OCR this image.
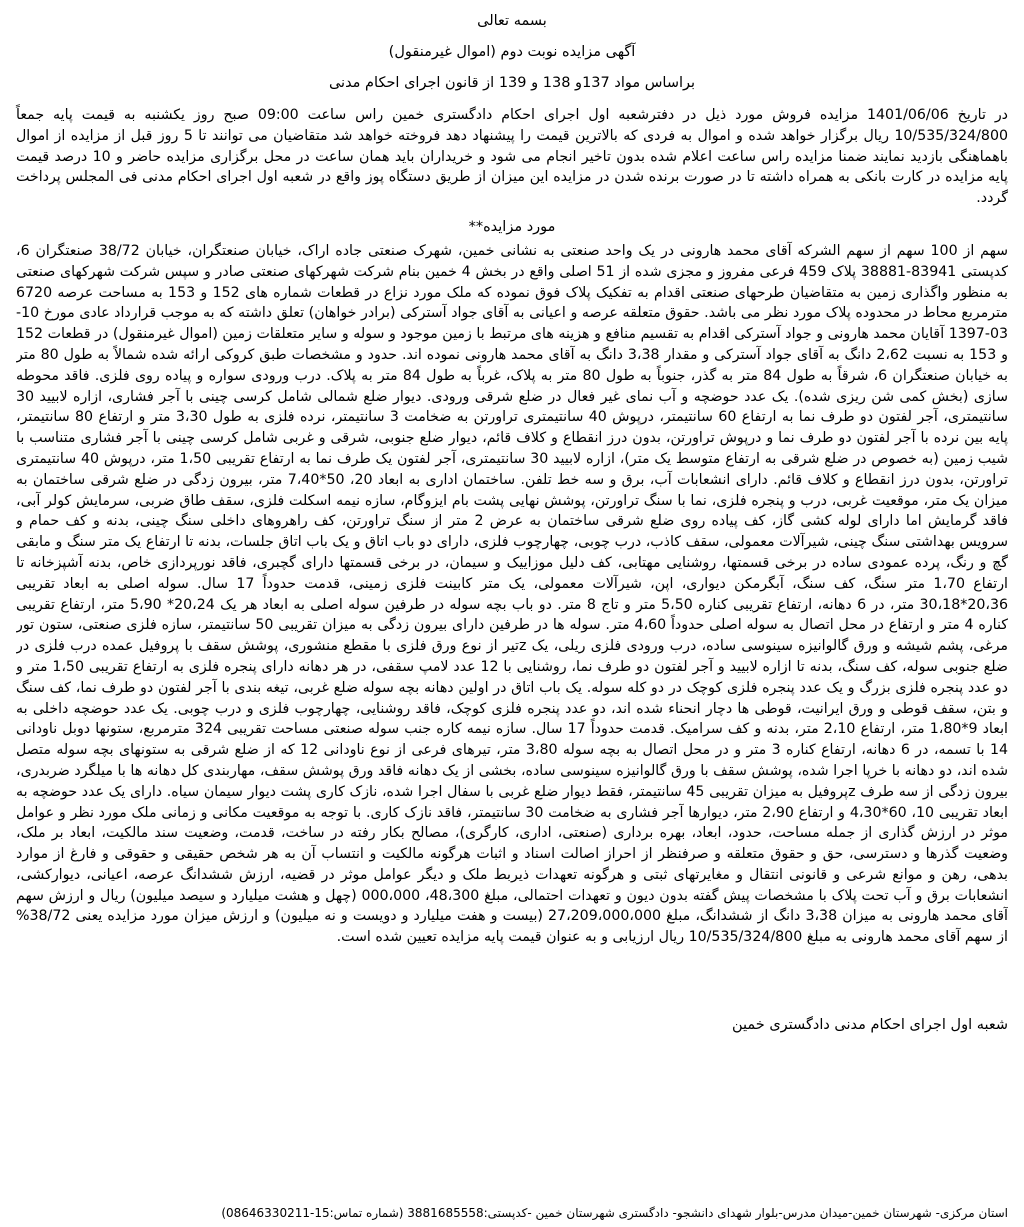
بسمه تعالی
آگهی مزایده نوبت دوم (اموال غیرمنقول)
براساس مواد 137و 138 و 139 از قانون اجرای احکام مدنی

در تاریخ 1401/06/06 مزایده فروش مورد ذیل در دفترشعبه اول اجرای احکام دادگستری خمین راس ساعت 09:00 صبح روز یکشنبه به قیمت پایه جمعاً 10/535/324/800 ریال برگزار خواهد شده و اموال به فردی که بالاترین قیمت را پیشنهاد دهد فروخته خواهد شد متقاضیان می توانند تا 5 روز قبل از مزایده از اموال باهماهنگی بازدید نمایند ضمنا مزایده راس ساعت اعلام شده بدون تاخیر انجام می شود و خریداران باید همان ساعت در محل برگزاری مزایده حاضر و 10 درصد قیمت پایه مزایده در کارت بانکی به همراه داشته تا در صورت برنده شدن در مزایده این میزان از طریق دستگاه پوز واقع در شعبه اول اجرای احکام مدنی فی المجلس پرداخت گردد.

مورد مزایده**

سهم از 100 سهم از سهم الشرکه آقای محمد هارونی در یک واحد صنعتی به نشانی خمین، شهرک صنعتی جاده اراک، خیابان صنعتگران، خیابان 38/72 صنعتگران 6، کدپستی 83941-38881 پلاک 459 فرعی مفروز و مجزی شده از 51 اصلی واقع در بخش 4 خمین بنام شرکت شهرکهای صنعتی صادر و سپس شرکت شهرکهای صنعتی به منظور واگذاری زمین به متقاضیان طرحهای صنعتی اقدام به تفکیک پلاک فوق نموده که ملک مورد نزاع در قطعات شماره های 152 و 153 به مساحت عرصه 6720 مترمربع محاط در محدوده پلاک مورد نظر می باشد. حقوق متعلقه عرصه و اعیانی به آقای جواد آسترکی (برادر خواهان) تعلق داشته که به موجب قرارداد عادی مورخ 10-03-1397 آقایان محمد هارونی و جواد آسترکی اقدام به تقسیم منافع و هزینه های مرتبط با زمین موجود و سوله و سایر متعلقات زمین (اموال غیرمنقول) در قطعات 152 و 153 به نسبت 2،62 دانگ به آقای جواد آسترکی و مقدار 3،38 دانگ به آقای محمد هارونی نموده اند. حدود و مشخصات طبق کروکی ارائه شده شمالاً به طول 80 متر به خیابان صنعتگران 6، شرقاً به طول 84 متر به گذر، جنوباً به طول 80 متر به پلاک، غرباً به طول 84 متر به پلاک. درب ورودی سواره و پیاده روی فلزی. فاقد محوطه سازی (بخش کمی شن ریزی شده). یک عدد حوضچه و آب نمای غیر فعال در ضلع شرقی ورودی. دیوار ضلع شمالی شامل کرسی چینی با آجر فشاری، ازاره لابیید 30 سانتیمتری، آجر لفتون دو طرف نما به ارتفاع 60 سانتیمتر، درپوش 40 سانتیمتری تراورتن به ضخامت 3 سانتیمتر، نرده فلزی به طول 3،30 متر و ارتفاع 80 سانتیمتر، پایه بین نرده با آجر لفتون دو طرف نما و درپوش تراورتن، بدون درز انقطاع و کلاف قائم، دیوار ضلع جنوبی، شرقی و غربی شامل کرسی چینی با آجر فشاری متناسب با شیب زمین (به خصوص در ضلع شرقی به ارتفاع متوسط یک متر)، ازاره لابیید 30 سانتیمتری، آجر لفتون یک طرف نما به ارتفاع تقریبی 1،50 متر، درپوش 40 سانتیمتری تراورتن، بدون درز انقطاع و کلاف قائم. دارای انشعابات آب، برق و سه خط تلفن. ساختمان اداری به ابعاد 20، 50*7،40 متر، بیرون زدگی در ضلع شرقی ساختمان به میزان یک متر، موقعیت غربی، درب و پنجره فلزی، نما با سنگ تراورتن، پوشش نهایی پشت بام ایزوگام، سازه نیمه اسکلت فلزی، سقف طاق ضربی، سرمایش کولر آبی، فاقد گرمایش اما دارای لوله کشی گاز، کف پیاده روی ضلع شرقی ساختمان به عرض 2 متر از سنگ تراورتن، کف راهروهای داخلی سنگ چینی، بدنه و کف حمام و سرویس بهداشتی سنگ چینی، شیرآلات معمولی، سقف کاذب، درب چوبی، چهارچوب فلزی، دارای دو باب اتاق و یک باب اتاق جلسات، بدنه تا ارتفاع یک متر سنگ و مابقی گچ و رنگ، پرده عمودی ساده در برخی قسمتها، روشنایی مهتابی، کف دلیل موزاییک و سیمان، در برخی قسمتها دارای گچبری، فاقد نورپردازی خاص، بدنه آشپزخانه تا ارتفاع 1،70 متر سنگ، کف سنگ، آبگرمکن دیواری، اپن، شیرآلات معمولی، یک متر کابینت فلزی زمینی، قدمت حدوداً 17 سال. سوله اصلی به ابعاد تقریبی 20،36*30،18 متر، در 6 دهانه، ارتفاع تقریبی کناره 5،50 متر و تاج 8 متر. دو باب بچه سوله در طرفین سوله اصلی به ابعاد هر یک 20،24* 5،90 متر، ارتفاع تقریبی کناره 4 متر و ارتفاع در محل اتصال به سوله اصلی حدوداً 4،60 متر. سوله ها در طرفین دارای بیرون زدگی به میزان تقریبی 50 سانتیمتر، سازه فلزی صنعتی، ستون تور مرغی، پشم شیشه و ورق گالوانیزه سینوسی ساده، درب ورودی فلزی ریلی، یک zتیر از نوع ورق فلزی با مقطع منشوری، پوشش سقف با پروفیل عمده درب فلزی در ضلع جنوبی سوله، کف سنگ، بدنه تا ازاره لابیید و آجر لفتون دو طرف نما، روشنایی با 12 عدد لامپ سقفی، در هر دهانه دارای پنجره فلزی به ارتفاع تقریبی 1،50 متر و دو عدد پنجره فلزی بزرگ و یک عدد پنجره فلزی کوچک در دو کله سوله. یک باب اتاق در اولین دهانه بچه سوله ضلع غربی، تیغه بندی با آجر لفتون دو طرف نما، کف سنگ و بتن، سقف قوطی و ورق ایرانیت، قوطی ها دچار انحناء شده اند، دو عدد پنجره فلزی کوچک، فاقد روشنایی، چهارچوب فلزی و درب چوبی. یک عدد حوضچه داخلی به ابعاد 9*1،80 متر، ارتفاع 2،10 متر، بدنه و کف سرامیک. قدمت حدوداً 17 سال. سازه نیمه کاره جنب سوله صنعتی مساحت تقریبی 324 مترمربع، ستونها دوبل ناودانی 14 با تسمه، در 6 دهانه، ارتفاع کناره 3 متر و در محل اتصال به بچه سوله 3،80 متر، تیرهای فرعی از نوع ناودانی 12 که از ضلع شرقی به ستونهای بچه سوله متصل شده اند، دو دهانه با خرپا اجرا شده، پوشش سقف با ورق گالوانیزه سینوسی ساده، بخشی از یک دهانه فاقد ورق پوشش سقف، مهاربندی کل دهانه ها با میلگرد ضربدری، بیرون زدگی از سه طرف zپروفیل به میزان تقریبی 45 سانتیمتر، فقط دیوار ضلع غربی با سفال اجرا شده، نازک کاری پشت دیوار سیمان سیاه. دارای یک عدد حوضچه به ابعاد تقریبی 10، 60*4،30 و ارتفاع 2،90 متر، دیوارها آجر فشاری به ضخامت 30 سانتیمتر، فاقد نازک کاری. با توجه به موقعیت مکانی و زمانی ملک مورد نظر و عوامل موثر در ارزش گذاری از جمله مساحت، حدود، ابعاد، بهره برداری (صنعتی، اداری، کارگری)، مصالح بکار رفته در ساخت، قدمت، وضعیت سند مالکیت، ابعاد بر ملک، وضعیت گذرها و دسترسی، حق و حقوق متعلقه و صرفنظر از احراز اصالت اسناد و اثبات هرگونه مالکیت و انتساب آن به هر شخص حقیقی و حقوقی و فارغ از موارد بدهی، رهن و موانع شرعی و قانونی انتقال و مغایرتهای ثبتی و هرگونه تعهدات ذیربط ملک و دیگر عوامل موثر در قضیه، ارزش ششدانگ عرصه، اعیانی، دیوارکشی، انشعابات برق و آب تحت پلاک با مشخصات پیش گفته بدون دیون و تعهدات احتمالی، مبلغ 48،300، 000،000 (چهل و هشت میلیارد و سیصد میلیون) ریال و ارزش سهم آقای محمد هارونی به میزان 3،38 دانگ از ششدانگ، مبلغ 27،209،000،000 (بیست و هفت میلیارد و دویست و نه میلیون) و ارزش میزان مورد مزایده یعنی 38/72% از سهم آقای محمد هارونی به مبلغ 10/535/324/800 ریال ارزیابی و به عنوان قیمت پایه مزایده تعیین شده است.

شعبه اول اجرای احکام مدنی دادگستری خمین
استان مرکزی- شهرستان خمین-میدان مدرس-بلوار شهدای دانشجو- دادگستری شهرستان خمین -کدپستی:3881685558 (شماره تماس:15-08646330211)
